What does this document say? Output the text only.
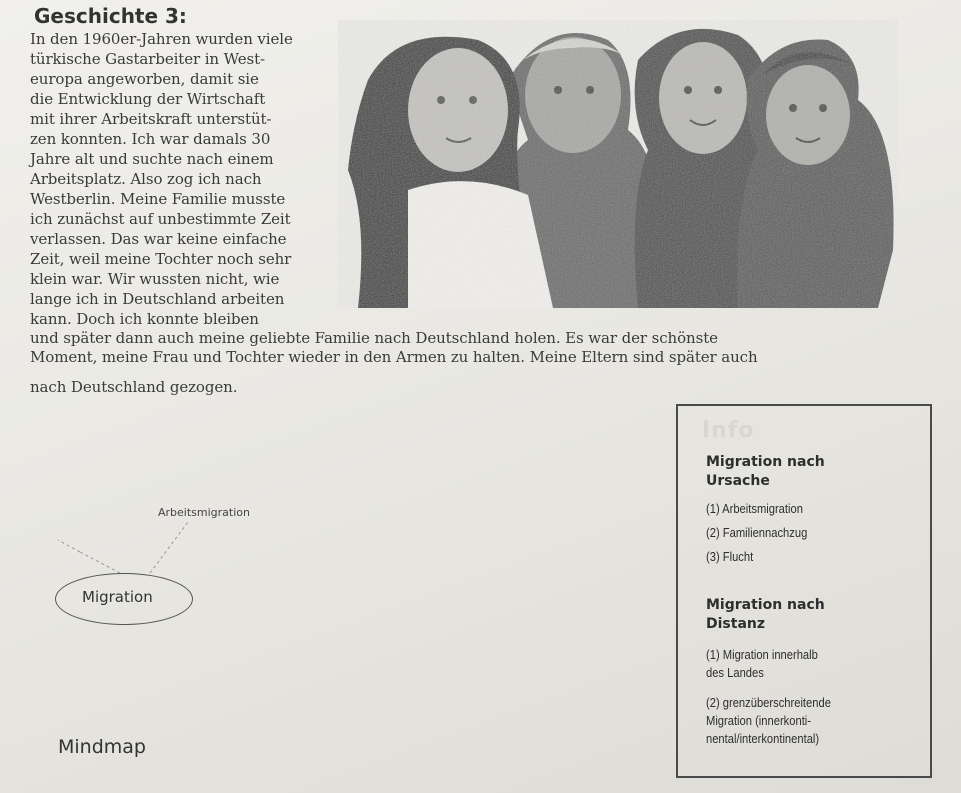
Geschichte 3:
In den 1960er-Jahren wurden viele
türkische Gastarbeiter in West-
europa angeworben, damit sie
die Entwicklung der Wirtschaft
mit ihrer Arbeitskraft unterstüt-
zen konnten. Ich war damals 30
Jahre alt und suchte nach einem
Arbeitsplatz. Also zog ich nach
Westberlin. Meine Familie musste
ich zunächst auf unbestimmte Zeit
verlassen. Das war keine einfache
Zeit, weil meine Tochter noch sehr
klein war. Wir wussten nicht, wie
lange ich in Deutschland arbeiten
kann. Doch ich konnte bleiben
und später dann auch meine geliebte Familie nach Deutschland holen. Es war der schönste
Moment, meine Frau und Tochter wieder in den Armen zu halten. Meine Eltern sind später auch
nach Deutschland gezogen.
Arbeitsmigration
Migration
Mindmap
Info
Migration nach
Ursache
(1) Arbeitsmigration
(2) Familiennachzug
(3) Flucht
Migration nach
Distanz
(1) Migration innerhalb
des Landes
(2) grenzüberschreitende
Migration (innerkonti-
nental/interkontinental)
